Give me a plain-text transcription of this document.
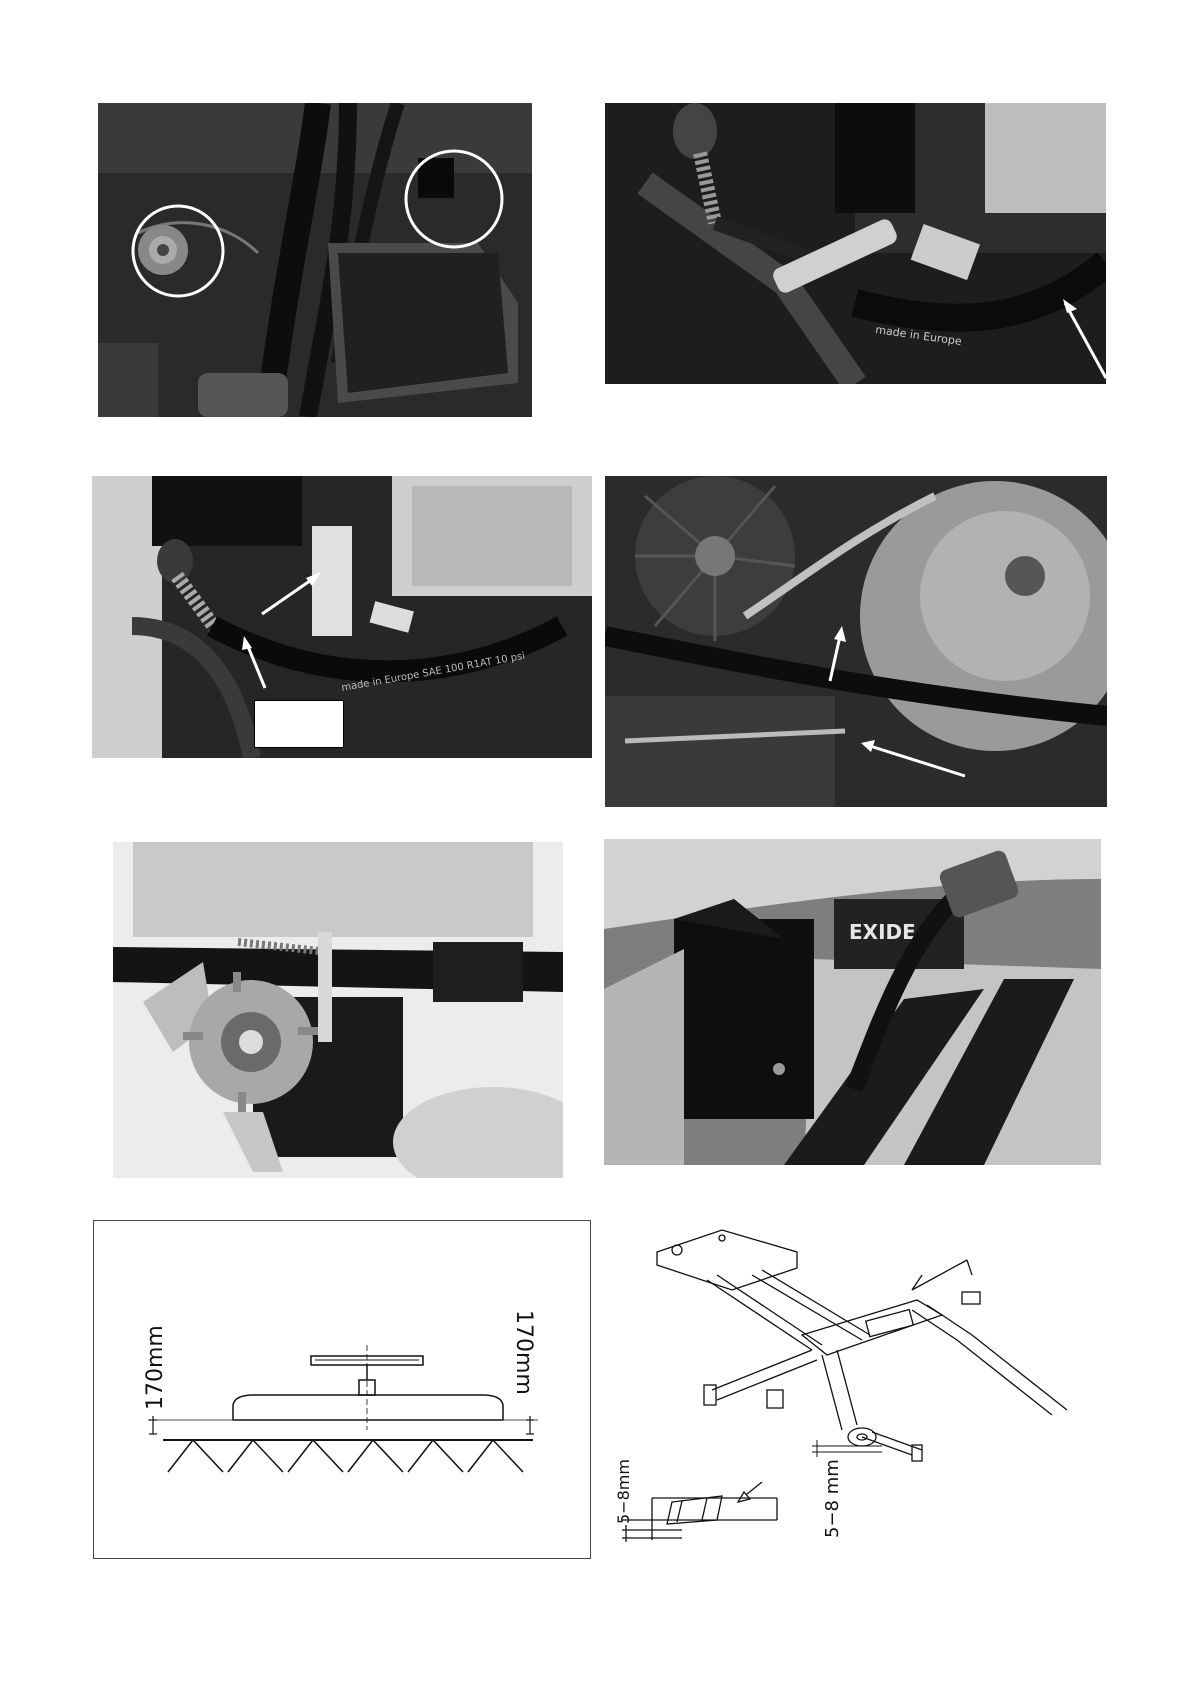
made in Europe
made in Europe SAE 100 R1AT 10 psi
EXIDE
170mm	170mm
5−8 mm
5−8mm
